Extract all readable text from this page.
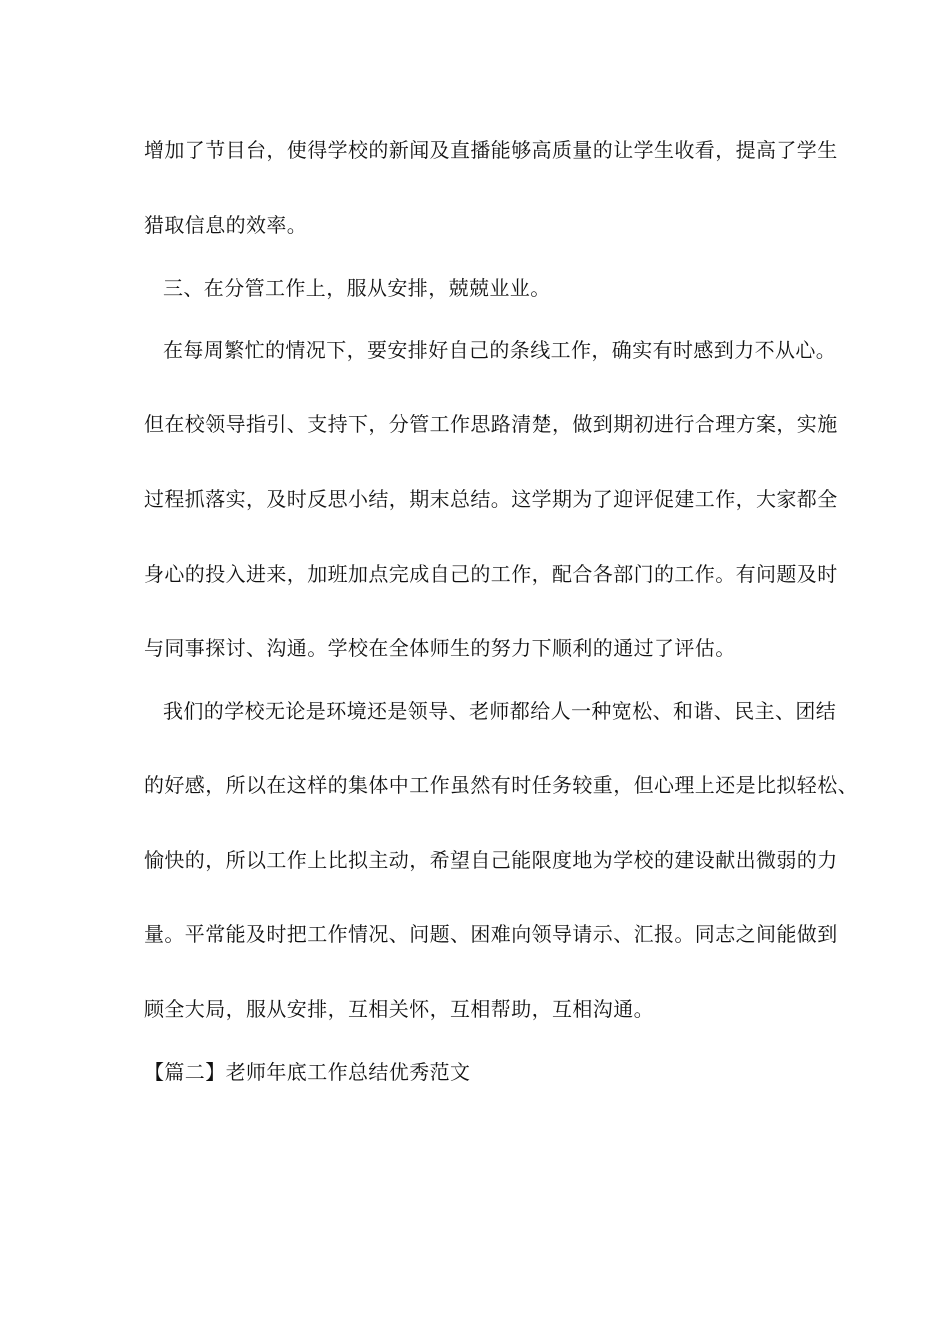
增加了节目台，使得学校的新闻及直播能够高质量的让学生收看，提高了学生
猎取信息的效率。
三、在分管工作上，服从安排，兢兢业业。
在每周繁忙的情况下，要安排好自己的条线工作，确实有时感到力不从心。
但在校领导指引、支持下，分管工作思路清楚，做到期初进行合理方案，实施
过程抓落实，及时反思小结，期末总结。这学期为了迎评促建工作，大家都全
身心的投入进来，加班加点完成自己的工作，配合各部门的工作。有问题及时
与同事探讨、沟通。学校在全体师生的努力下顺利的通过了评估。
我们的学校无论是环境还是领导、老师都给人一种宽松、和谐、民主、团结
的好感，所以在这样的集体中工作虽然有时任务较重，但心理上还是比拟轻松、
愉快的，所以工作上比拟主动，希望自己能限度地为学校的建设献出微弱的力
量。平常能及时把工作情况、问题、困难向领导请示、汇报。同志之间能做到
顾全大局，服从安排，互相关怀，互相帮助，互相沟通。
【篇二】老师年底工作总结优秀范文
